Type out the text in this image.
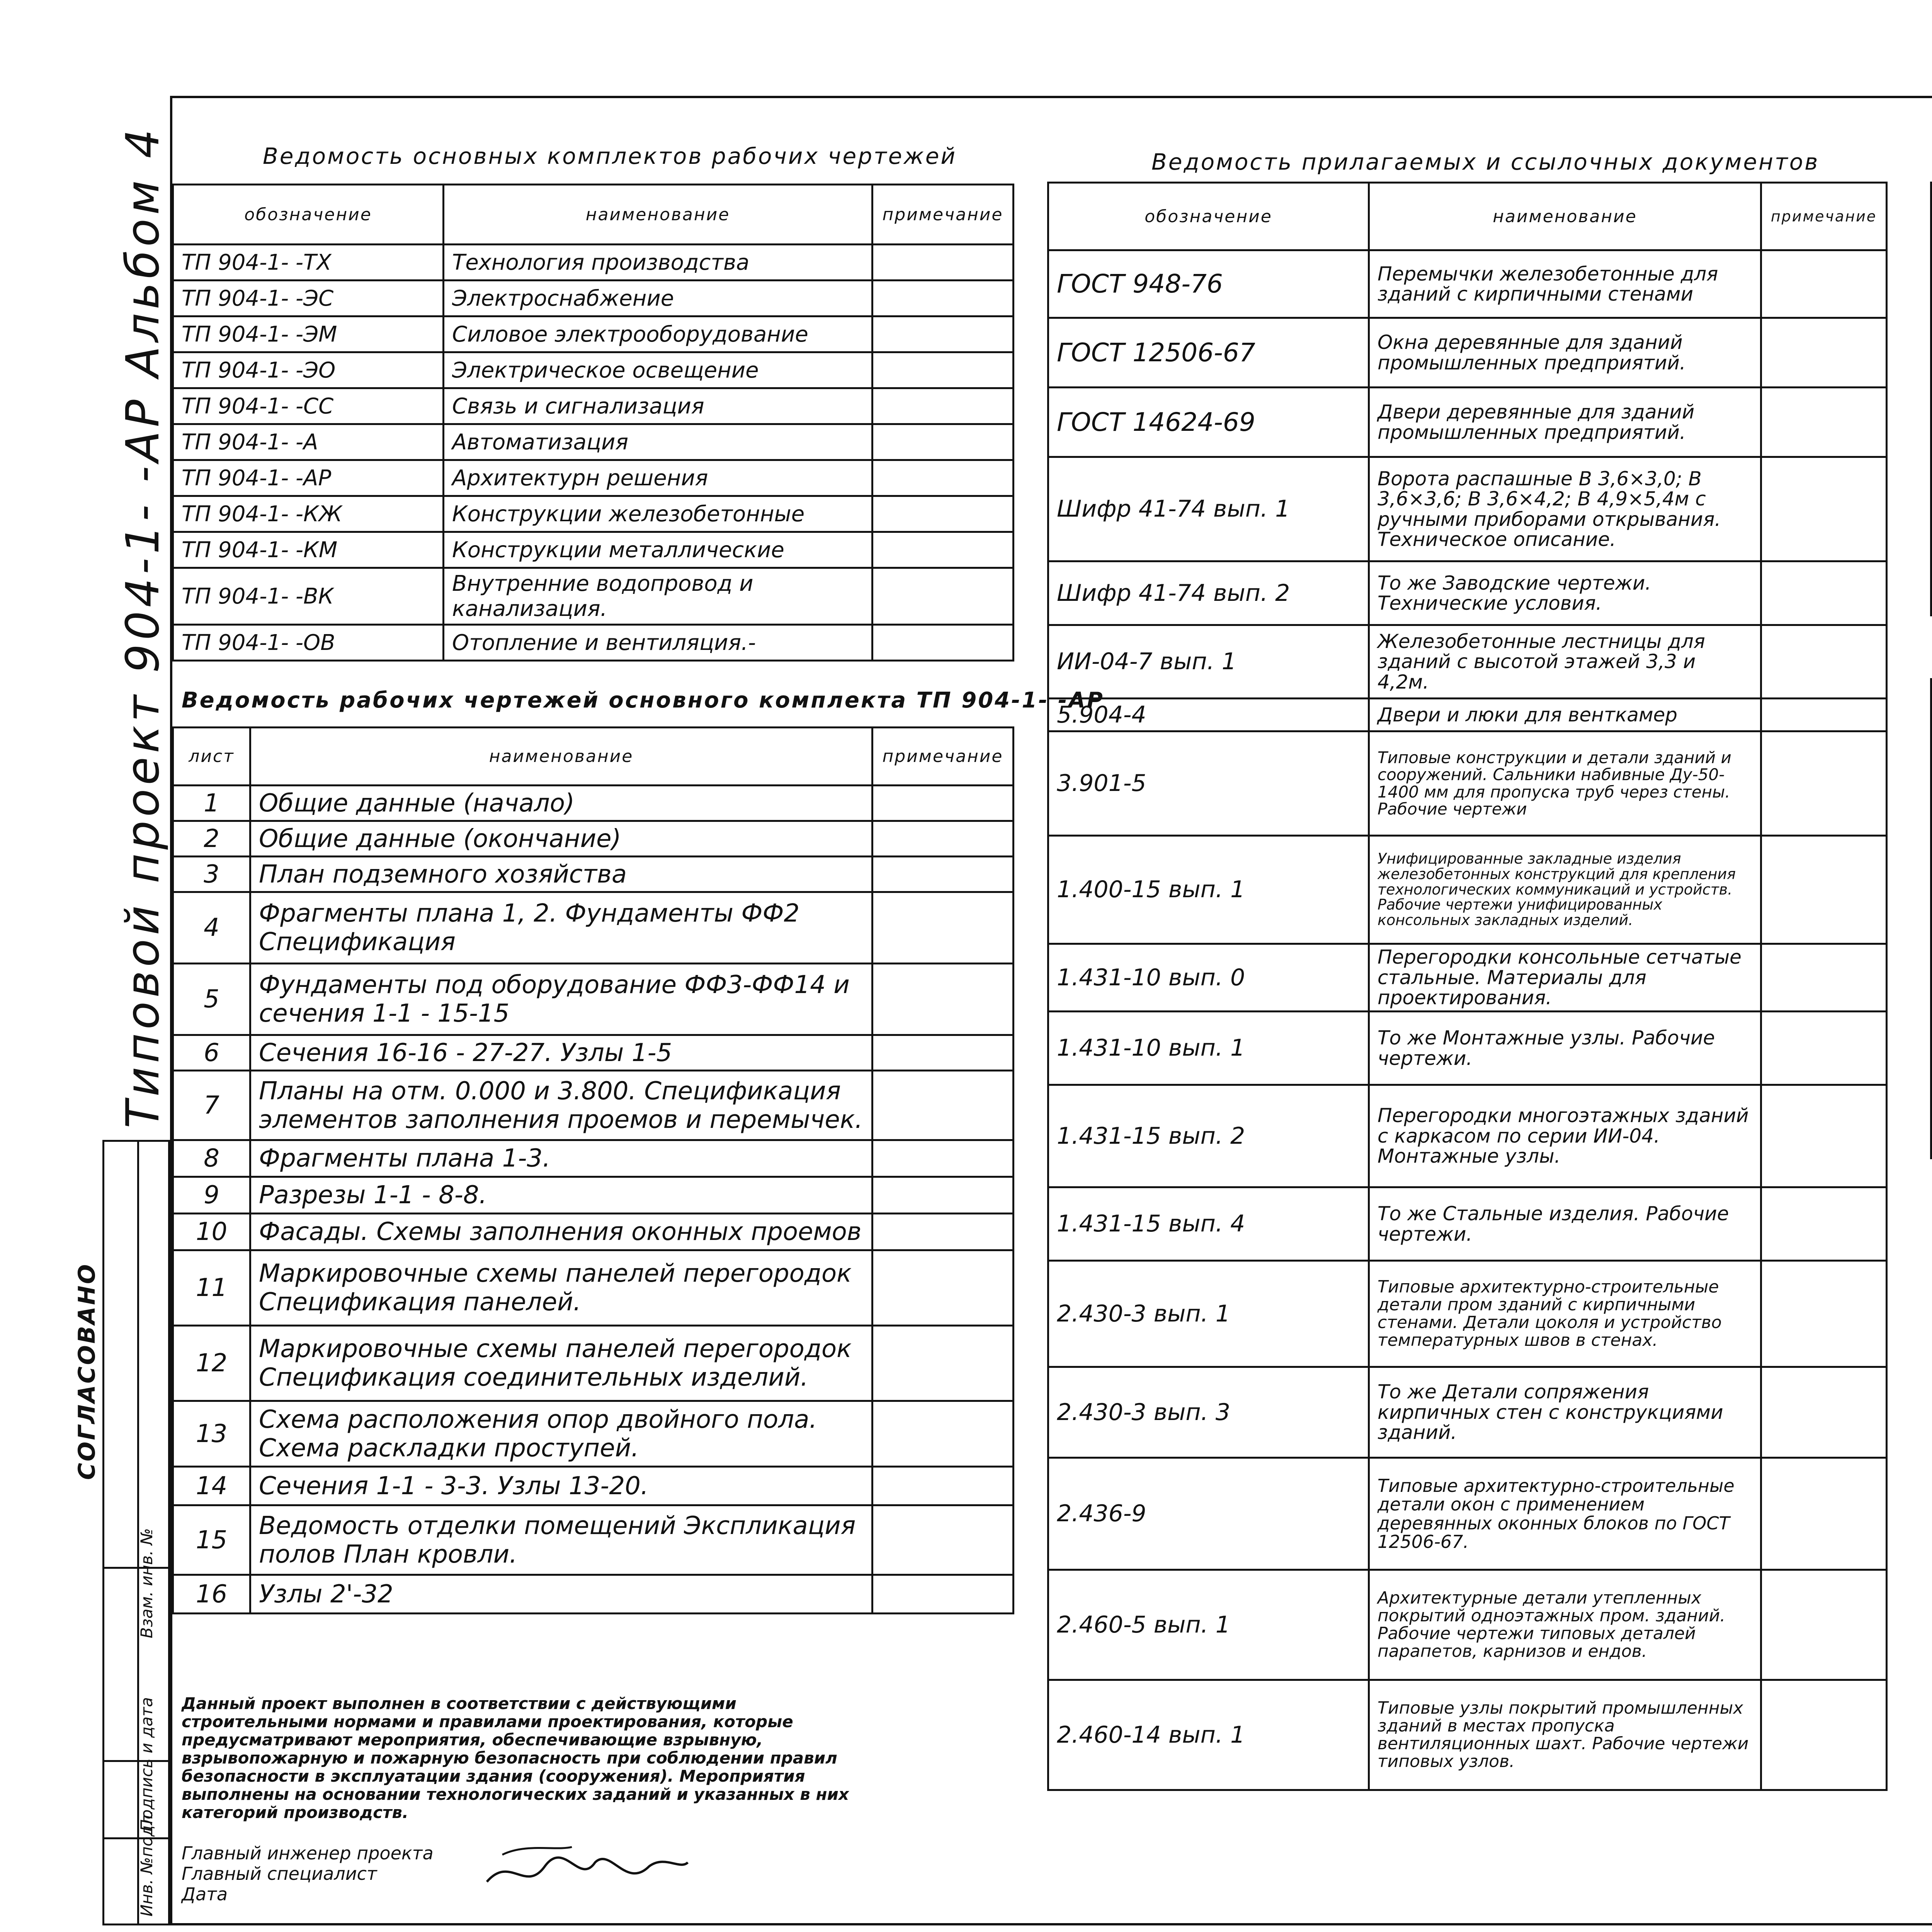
Типовой проект 904-1- -АР Альбом 4
СОГЛАСОВАНО
Инв. №подл.
Подпись и дата
Взам. инв. №
Ведомость основных комплектов рабочих чертежей
обозначение	наименование	примечание
ТП 904-1- -ТХ	Технология производства	
ТП 904-1- -ЭС	Электроснабжение	
ТП 904-1- -ЭМ	Силовое электрооборудование	
ТП 904-1- -ЭО	Электрическое освещение	
ТП 904-1- -СС	Связь и сигнализация	
ТП 904-1- -А	Автоматизация	
ТП 904-1- -АР	Архитектурн решения	
ТП 904-1- -КЖ	Конструкции железобетонные	
ТП 904-1- -КМ	Конструкции металлические	
ТП 904-1- -ВК	Внутренние водопровод и канализация.	
ТП 904-1- -ОВ	Отопление и вентиляция.-	
Ведомость рабочих чертежей основного комплекта ТП 904-1- -АР
лист	наименование	примечание
1	Общие данные (начало)	
2	Общие данные (окончание)	
3	План подземного хозяйства	
4	Фрагменты плана 1, 2. Фундаменты ФФ2 Спецификация	
5	Фундаменты под оборудование ФФ3-ФФ14 и сечения 1-1 - 15-15	
6	Сечения 16-16 - 27-27. Узлы 1-5	
7	Планы на отм. 0.000 и 3.800. Спецификация элементов заполнения проемов и перемычек.	
8	Фрагменты плана 1-3.	
9	Разрезы 1-1 - 8-8.	
10	Фасады. Схемы заполнения оконных проемов	
11	Маркировочные схемы панелей перегородок Спецификация панелей.	
12	Маркировочные схемы панелей перегородок Спецификация соединительных изделий.	
13	Схема расположения опор двойного пола. Схема раскладки проступей.	
14	Сечения 1-1 - 3-3. Узлы 13-20.	
15	Ведомость отделки помещений Экспликация полов План кровли.	
16	Узлы 2'-32	
Данный проект выполнен в соответствии с действующими строительными нормами и правилами проектирования, которые предусматривают мероприятия, обеспечивающие взрывную, взрывопожарную и пожарную безопасность при соблюдении правил безопасности в эксплуатации здания (сооружения). Мероприятия выполнены на основании технологических заданий и указанных в них категорий производств.
Главный инженер проекта
Главный специалист
Дата
Ведомость прилагаемых и ссылочных документов
обозначение	наименование	примечание
ГОСТ 948-76	Перемычки железобетонные для зданий с кирпичными стенами	
ГОСТ 12506-67	Окна деревянные для зданий промышленных предприятий.	
ГОСТ 14624-69	Двери деревянные для зданий промышленных предприятий.	
Шифр 41-74 вып. 1	Ворота распашные В 3,6×3,0; В 3,6×3,6; В 3,6×4,2; В 4,9×5,4м с ручными приборами открывания. Техническое описание.	
Шифр 41-74 вып. 2	То же Заводские чертежи. Технические условия.	
ИИ-04-7 вып. 1	Железобетонные лестницы для зданий с высотой этажей 3,3 и 4,2м.	
5.904-4	Двери и люки для венткамер	
3.901-5	Типовые конструкции и детали зданий и сооружений. Сальники набивные Ду-50-1400 мм для пропуска труб через стены. Рабочие чертежи	
1.400-15 вып. 1	Унифицированные закладные изделия железобетонных конструкций для крепления технологических коммуникаций и устройств. Рабочие чертежи унифицированных консольных закладных изделий.	
1.431-10 вып. 0	Перегородки консольные сетчатые стальные. Материалы для проектирования.	
1.431-10 вып. 1	То же Монтажные узлы. Рабочие чертежи.	
1.431-15 вып. 2	Перегородки многоэтажных зданий с каркасом по серии ИИ-04. Монтажные узлы.	
1.431-15 вып. 4	То же Стальные изделия. Рабочие чертежи.	
2.430-3 вып. 1	Типовые архитектурно-строительные детали пром зданий с кирпичными стенами. Детали цоколя и устройство температурных швов в стенах.	
2.430-3 вып. 3	То же Детали сопряжения кирпичных стен с конструкциями зданий.	
2.436-9	Типовые архитектурно-строительные детали окон с применением деревянных оконных блоков по ГОСТ 12506-67.	
2.460-5 вып. 1	Архитектурные детали утепленных покрытий одноэтажных пром. зданий. Рабочие чертежи типовых деталей парапетов, карнизов и ендов.	
2.460-14 вып. 1	Типовые узлы покрытий промышленных зданий в местах пропуска вентиляционных шахт. Рабочие чертежи типовых узлов.	
